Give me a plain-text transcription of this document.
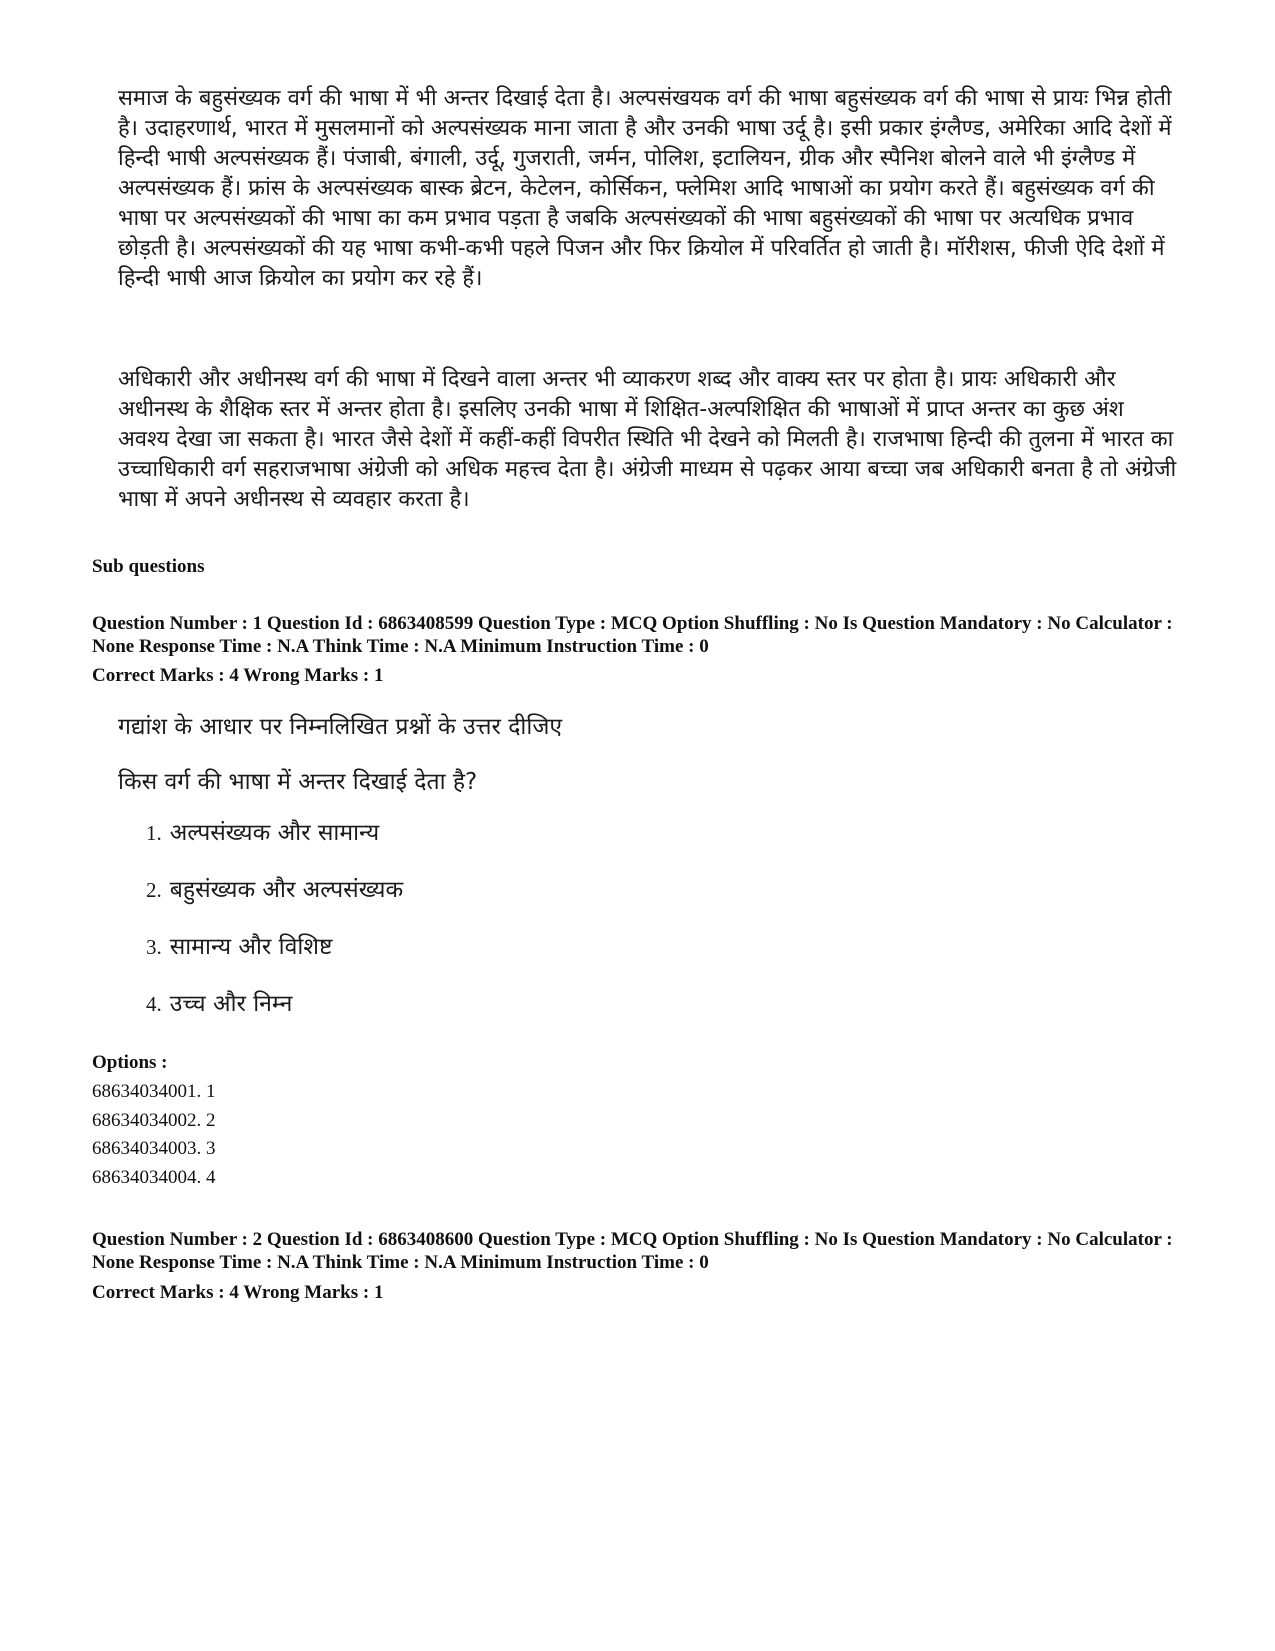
समाज के बहुसंख्यक वर्ग की भाषा में भी अन्तर दिखाई देता है। अल्पसंखयक वर्ग की भाषा बहुसंख्यक वर्ग की भाषा से प्रायः भिन्न होती है। उदाहरणार्थ, भारत में मुसलमानों को अल्पसंख्यक माना जाता है और उनकी भाषा उर्दू है। इसी प्रकार इंग्लैण्ड, अमेरिका आदि देशों में हिन्दी भाषी अल्पसंख्यक हैं। पंजाबी, बंगाली, उर्दू, गुजराती, जर्मन, पोलिश, इटालियन, ग्रीक और स्पैनिश बोलने वाले भी इंग्लैण्ड में अल्पसंख्यक हैं। फ्रांस के अल्पसंख्यक बास्क ब्रेटन, केटेलन, कोर्सिकन, फ्लेमिश आदि भाषाओं का प्रयोग करते हैं। बहुसंख्यक वर्ग की भाषा पर अल्पसंख्यकों की भाषा का कम प्रभाव पड़ता है जबकि अल्पसंख्यकों की भाषा बहुसंख्यकों की भाषा पर अत्यधिक प्रभाव छोड़ती है। अल्पसंख्यकों की यह भाषा कभी-कभी पहले पिजन और फिर क्रियोल में परिवर्तित हो जाती है। मॉरीशस, फीजी ऐदि देशों में हिन्दी भाषी आज क्रियोल का प्रयोग कर रहे हैं।

अधिकारी और अधीनस्थ वर्ग की भाषा में दिखने वाला अन्तर भी व्याकरण शब्द और वाक्य स्तर पर होता है। प्रायः अधिकारी और अधीनस्थ के शैक्षिक स्तर में अन्तर होता है। इसलिए उनकी भाषा में शिक्षित-अल्पशिक्षित की भाषाओं में प्राप्त अन्तर का कुछ अंश अवश्य देखा जा सकता है। भारत जैसे देशों में कहीं-कहीं विपरीत स्थिति भी देखने को मिलती है। राजभाषा हिन्दी की तुलना में भारत का उच्चाधिकारी वर्ग सहराजभाषा अंग्रेजी को अधिक महत्त्व देता है। अंग्रेजी माध्यम से पढ़कर आया बच्चा जब अधिकारी बनता है तो अंग्रेजी भाषा में अपने अधीनस्थ से व्यवहार करता है।

Sub questions
Question Number : 1 Question Id : 6863408599 Question Type : MCQ Option Shuffling : No Is Question Mandatory : No Calculator : None Response Time : N.A Think Time : N.A Minimum Instruction Time : 0
Correct Marks : 4 Wrong Marks : 1
गद्यांश के आधार पर निम्नलिखित प्रश्नों के उत्तर दीजिए
किस वर्ग की भाषा में अन्तर दिखाई देता है?
1. अल्पसंख्यक और सामान्य
2. बहुसंख्यक और अल्पसंख्यक
3. सामान्य और विशिष्ट
4. उच्च और निम्न
Options :
68634034001. 1
68634034002. 2
68634034003. 3
68634034004. 4
Question Number : 2 Question Id : 6863408600 Question Type : MCQ Option Shuffling : No Is Question Mandatory : No Calculator : None Response Time : N.A Think Time : N.A Minimum Instruction Time : 0
Correct Marks : 4 Wrong Marks : 1
